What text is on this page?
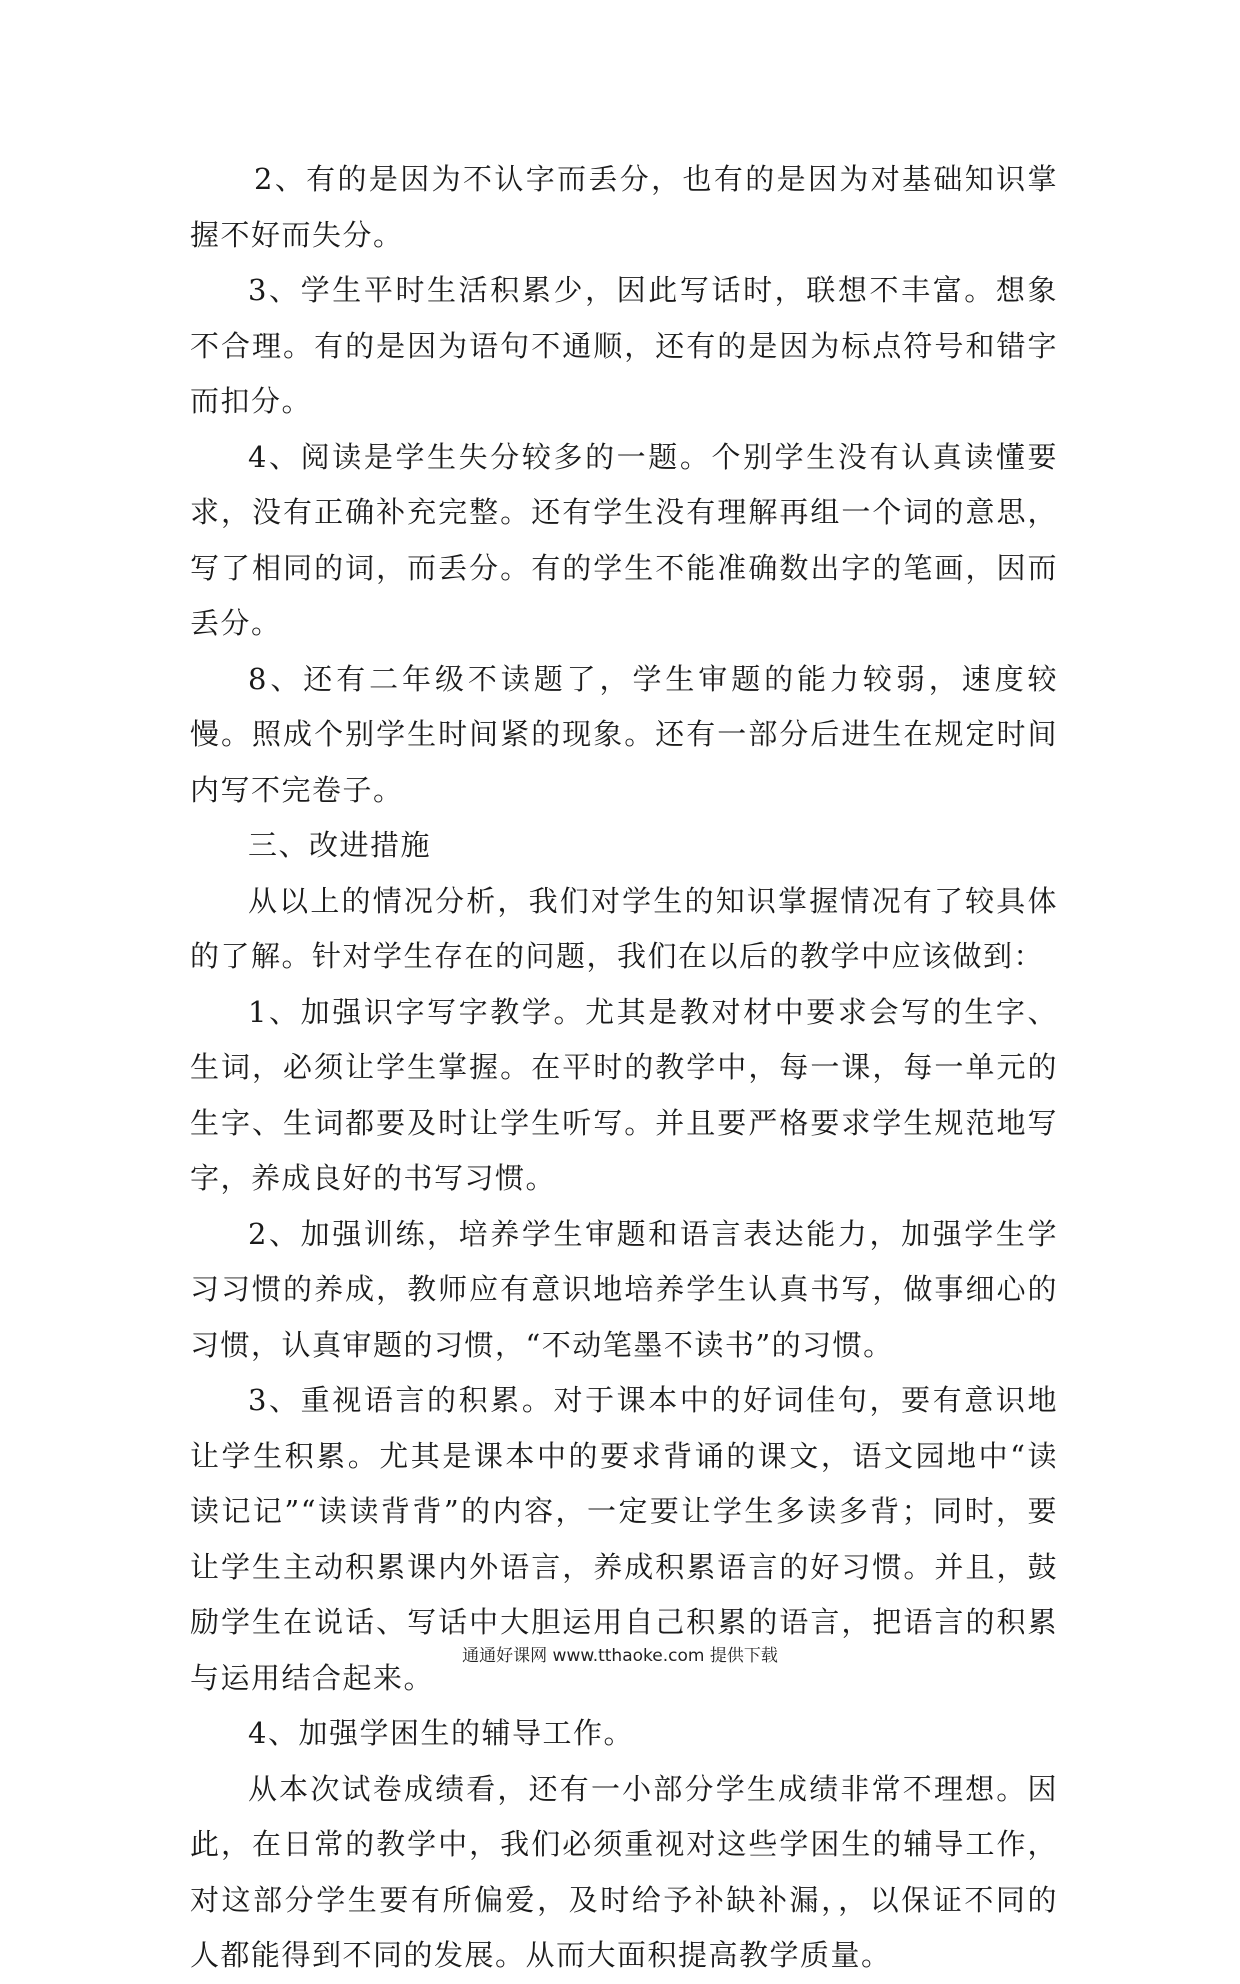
2、有的是因为不认字而丢分，也有的是因为对基础知识掌握不好而失分。

3、学生平时生活积累少，因此写话时，联想不丰富。想象不合理。有的是因为语句不通顺，还有的是因为标点符号和错字而扣分。

4、阅读是学生失分较多的一题。个别学生没有认真读懂要求，没有正确补充完整。还有学生没有理解再组一个词的意思，写了相同的词，而丢分。有的学生不能准确数出字的笔画，因而丢分。

8、还有二年级不读题了，学生审题的能力较弱，速度较慢。照成个别学生时间紧的现象。还有一部分后进生在规定时间内写不完卷子。

三、改进措施

从以上的情况分析，我们对学生的知识掌握情况有了较具体的了解。针对学生存在的问题，我们在以后的教学中应该做到：

1、加强识字写字教学。尤其是教对材中要求会写的生字、生词，必须让学生掌握。在平时的教学中，每一课，每一单元的生字、生词都要及时让学生听写。并且要严格要求学生规范地写字，养成良好的书写习惯。

2、加强训练，培养学生审题和语言表达能力，加强学生学习习惯的养成，教师应有意识地培养学生认真书写，做事细心的习惯，认真审题的习惯，“不动笔墨不读书”的习惯。

3、重视语言的积累。对于课本中的好词佳句，要有意识地让学生积累。尤其是课本中的要求背诵的课文，语文园地中“读读记记”“读读背背”的内容，一定要让学生多读多背；同时，要让学生主动积累课内外语言，养成积累语言的好习惯。并且，鼓励学生在说话、写话中大胆运用自己积累的语言，把语言的积累与运用结合起来。

4、加强学困生的辅导工作。

从本次试卷成绩看，还有一小部分学生成绩非常不理想。因此，在日常的教学中，我们必须重视对这些学困生的辅导工作，对这部分学生要有所偏爱，及时给予补缺补漏，，以保证不同的人都能得到不同的发展。从而大面积提高教学质量。

通通好课网 www.tthaoke.com 提供下载
